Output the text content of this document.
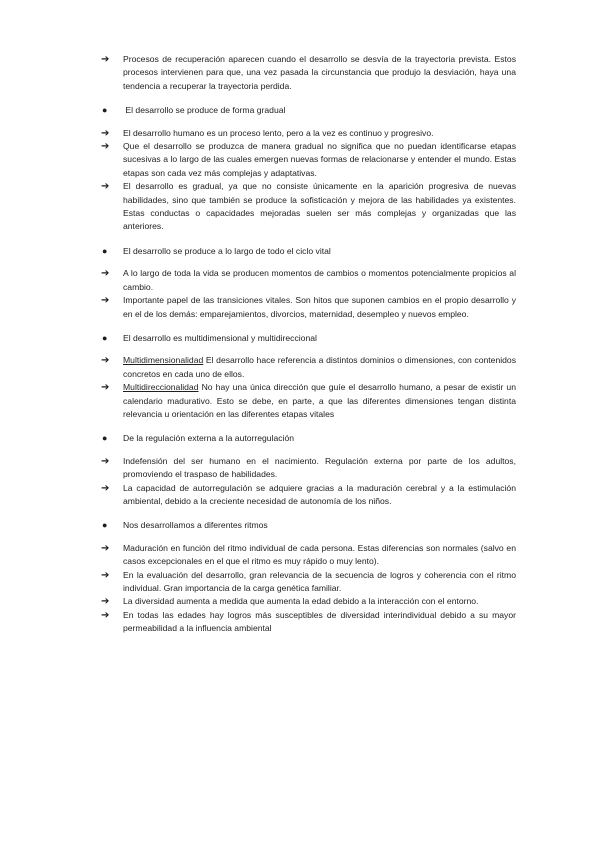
➔ Procesos de recuperación aparecen cuando el desarrollo se desvía de la trayectoria prevista. Estos procesos intervienen para que, una vez pasada la circunstancia que produjo la desviación, haya una tendencia a recuperar la trayectoria perdida.
● El desarrollo se produce de forma gradual
➔ El desarrollo humano es un proceso lento, pero a la vez es continuo y progresivo.
➔ Que el desarrollo se produzca de manera gradual no significa que no puedan identificarse etapas sucesivas a lo largo de las cuales emergen nuevas formas de relacionarse y entender el mundo. Estas etapas son cada vez más complejas y adaptativas.
➔ El desarrollo es gradual, ya que no consiste únicamente en la aparición progresiva de nuevas habilidades, sino que también se produce la sofisticación y mejora de las habilidades ya existentes. Estas conductas o capacidades mejoradas suelen ser más complejas y organizadas que las anteriores.
● El desarrollo se produce a lo largo de todo el ciclo vital
➔ A lo largo de toda la vida se producen momentos de cambios o momentos potencialmente propicios al cambio.
➔ Importante papel de las transiciones vitales. Son hitos que suponen cambios en el propio desarrollo y en el de los demás: emparejamientos, divorcios, maternidad, desempleo y nuevos empleo.
● El desarrollo es multidimensional y multidireccional
➔ Multidimensionalidad El desarrollo hace referencia a distintos dominios o dimensiones, con contenidos concretos en cada uno de ellos.
➔ Multidireccionalidad No hay una única dirección que guíe el desarrollo humano, a pesar de existir un calendario madurativo. Esto se debe, en parte, a que las diferentes dimensiones tengan distinta relevancia u orientación en las diferentes etapas vitales
● De la regulación externa a la autorregulación
➔ Indefensión del ser humano en el nacimiento. Regulación externa por parte de los adultos, promoviendo el traspaso de habilidades.
➔ La capacidad de autorregulación se adquiere gracias a la maduración cerebral y a la estimulación ambiental, debido a la creciente necesidad de autonomía de los niños.
● Nos desarrollamos a diferentes ritmos
➔ Maduración en función del ritmo individual de cada persona. Estas diferencias son normales (salvo en casos excepcionales en el que el ritmo es muy rápido o muy lento).
➔ En la evaluación del desarrollo, gran relevancia de la secuencia de logros y coherencia con el ritmo individual. Gran importancia de la carga genética familiar.
➔ La diversidad aumenta a medida que aumenta la edad debido a la interacción con el entorno.
➔ En todas las edades hay logros más susceptibles de diversidad interindividual debido a su mayor permeabilidad a la influencia ambiental
